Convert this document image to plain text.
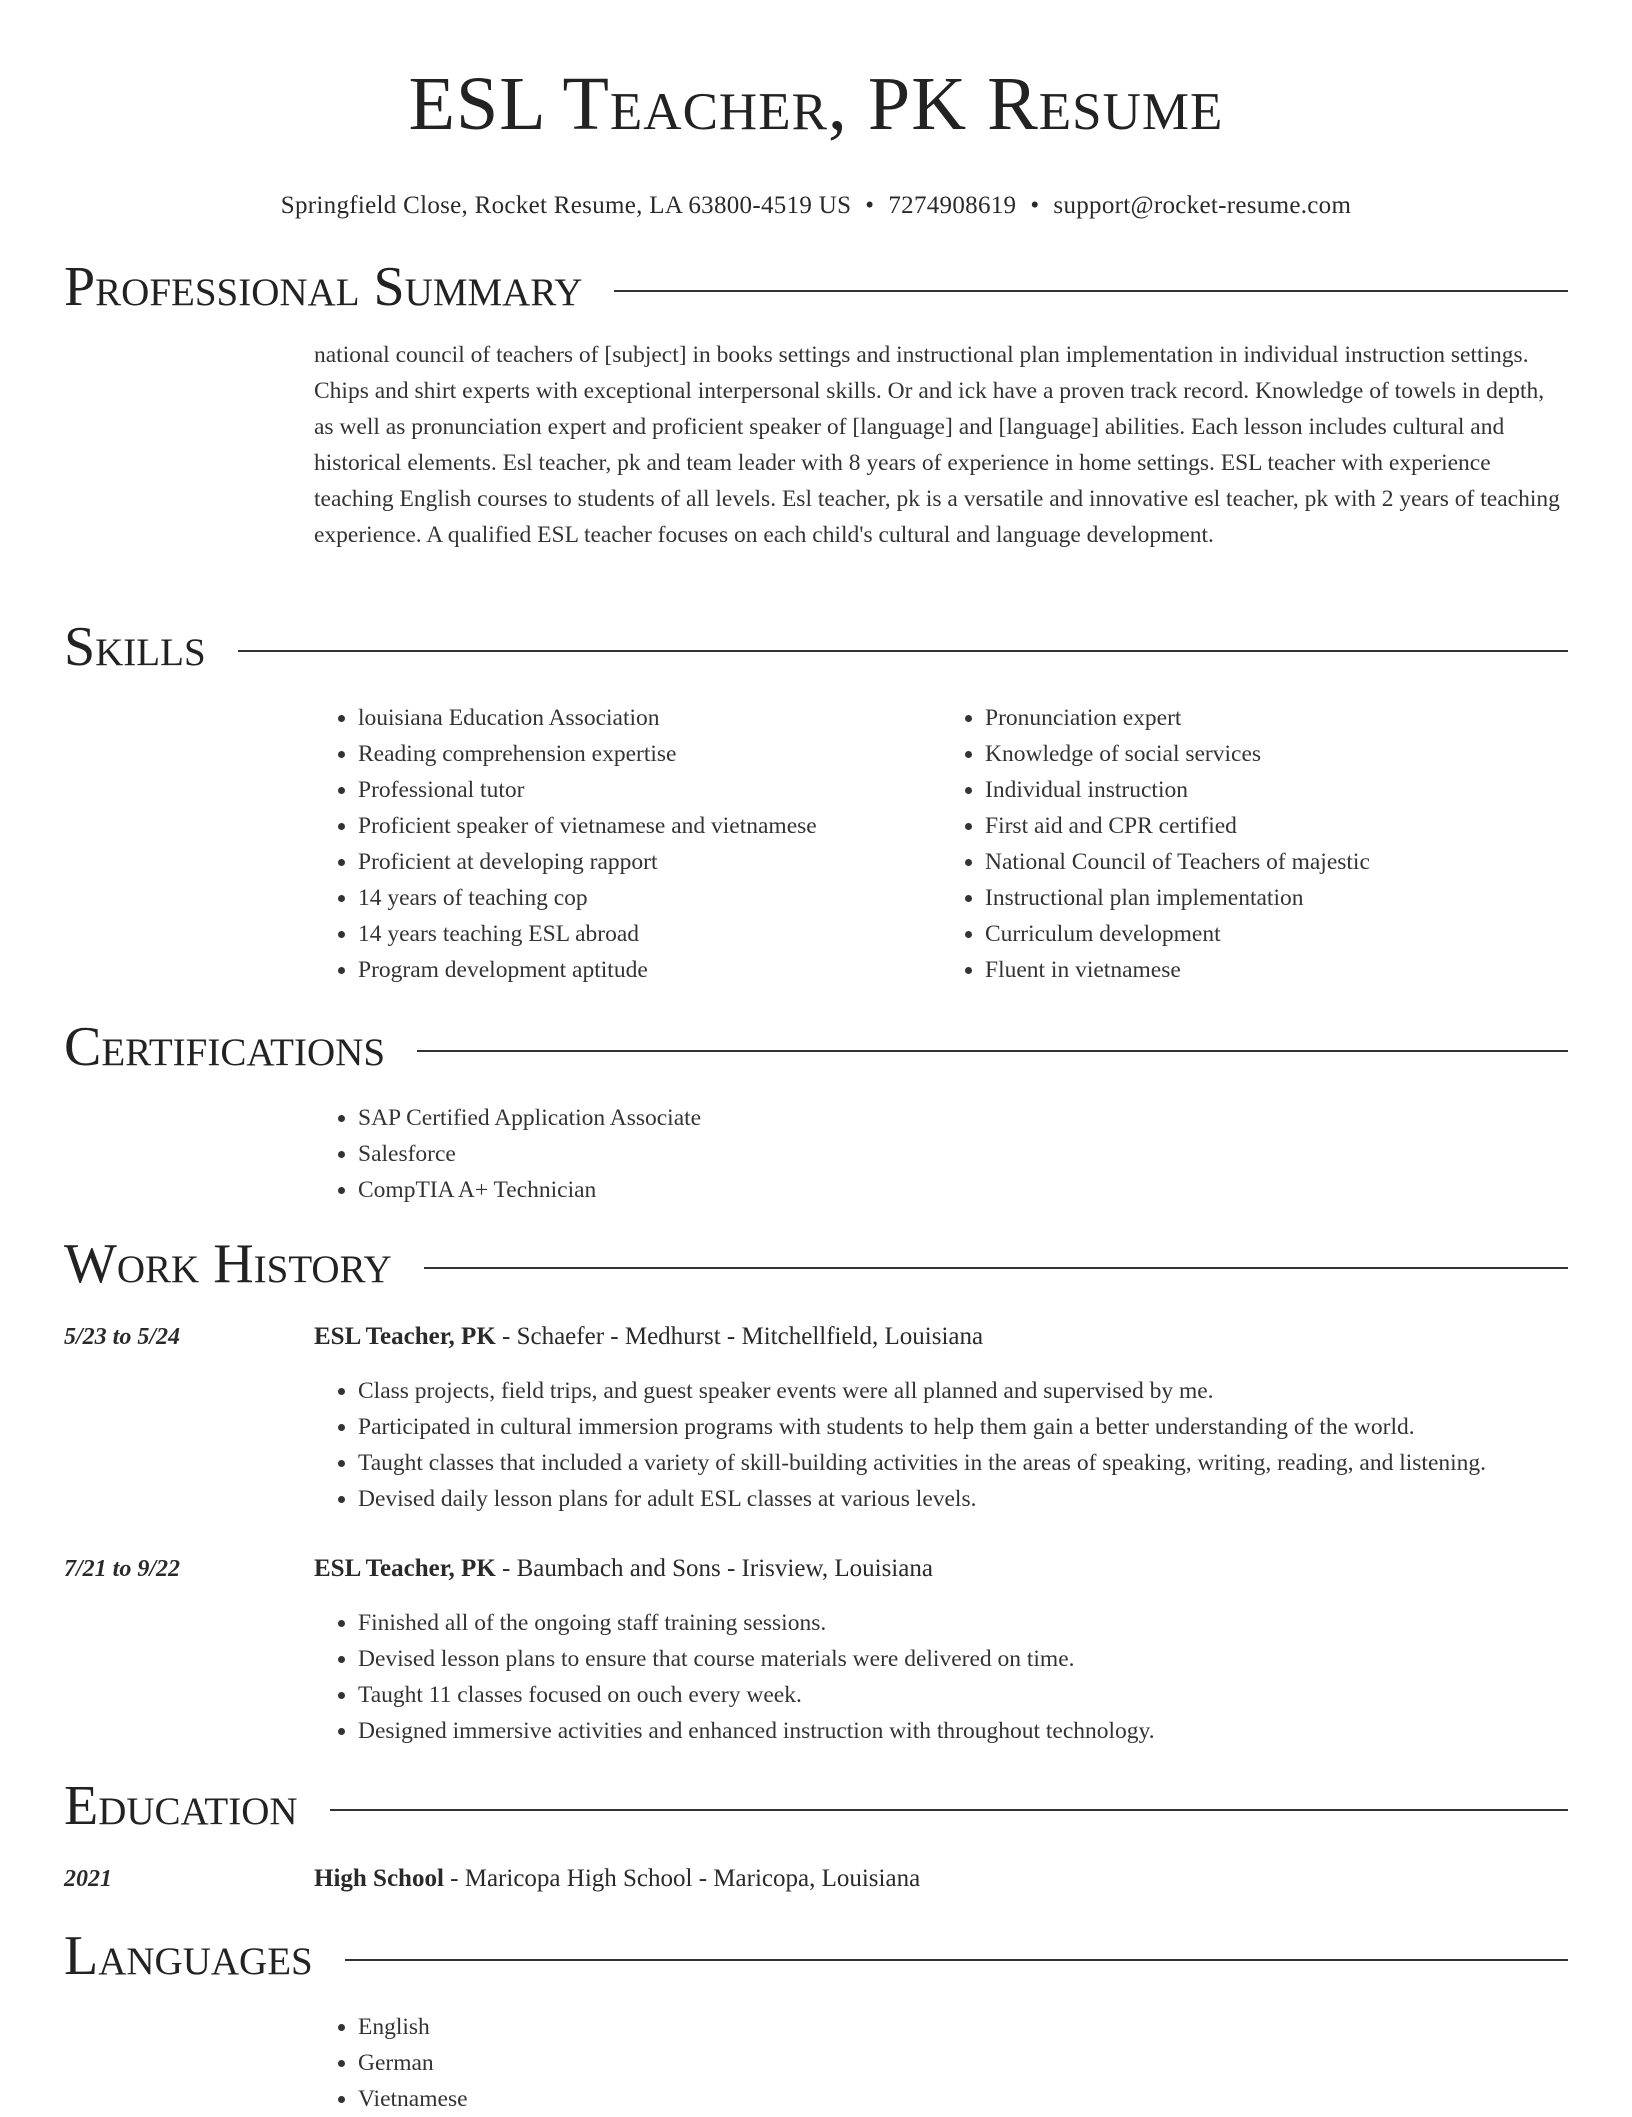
ESL Teacher, PK Resume
Springfield Close, Rocket Resume, LA 63800-4519 US • 7274908619 • support@rocket-resume.com
Professional Summary
national council of teachers of [subject] in books settings and instructional plan implementation in individual instruction settings. Chips and shirt experts with exceptional interpersonal skills. Or and ick have a proven track record. Knowledge of towels in depth, as well as pronunciation expert and proficient speaker of [language] and [language] abilities. Each lesson includes cultural and historical elements. Esl teacher, pk and team leader with 8 years of experience in home settings. ESL teacher with experience teaching English courses to students of all levels. Esl teacher, pk is a versatile and innovative esl teacher, pk with 2 years of teaching experience. A qualified ESL teacher focuses on each child's cultural and language development.
Skills
• louisiana Education Association
• Reading comprehension expertise
• Professional tutor
• Proficient speaker of vietnamese and vietnamese
• Proficient at developing rapport
• 14 years of teaching cop
• 14 years teaching ESL abroad
• Program development aptitude
• Pronunciation expert
• Knowledge of social services
• Individual instruction
• First aid and CPR certified
• National Council of Teachers of majestic
• Instructional plan implementation
• Curriculum development
• Fluent in vietnamese
Certifications
• SAP Certified Application Associate
• Salesforce
• CompTIA A+ Technician
Work History
5/23 to 5/24	ESL Teacher, PK - Schaefer - Medhurst - Mitchellfield, Louisiana
• Class projects, field trips, and guest speaker events were all planned and supervised by me.
• Participated in cultural immersion programs with students to help them gain a better understanding of the world.
• Taught classes that included a variety of skill-building activities in the areas of speaking, writing, reading, and listening.
• Devised daily lesson plans for adult ESL classes at various levels.
7/21 to 9/22	ESL Teacher, PK - Baumbach and Sons - Irisview, Louisiana
• Finished all of the ongoing staff training sessions.
• Devised lesson plans to ensure that course materials were delivered on time.
• Taught 11 classes focused on ouch every week.
• Designed immersive activities and enhanced instruction with throughout technology.
Education
2021	High School - Maricopa High School - Maricopa, Louisiana
Languages
• English
• German
• Vietnamese
